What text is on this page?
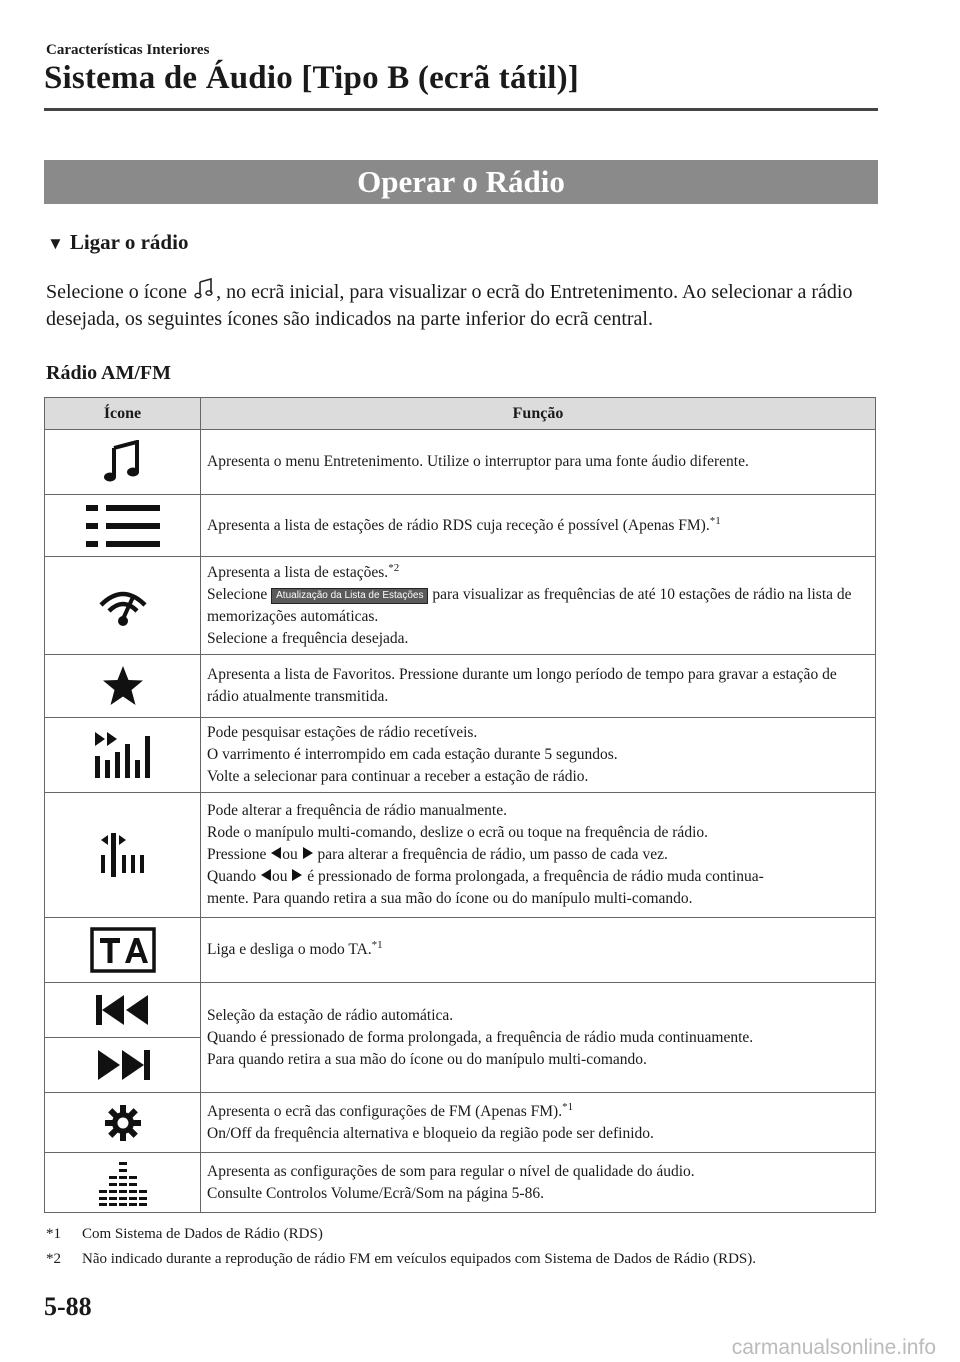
Características Interiores
Sistema de Áudio [Tipo B (ecrã tátil)]
Operar o Rádio
▼ Ligar o rádio
Selecione o ícone , no ecrã inicial, para visualizar o ecrã do Entretenimento. Ao selecionar a rádio desejada, os seguintes ícones são indicados na parte inferior do ecrã central.
Rádio AM/FM
Ícone	Função

	Apresenta o menu Entretenimento. Utilize o interruptor para uma fonte áudio diferente.

	Apresenta a lista de estações de rádio RDS cuja receção é possível (Apenas FM).$^{*1}$

Apresenta a lista de estações.$^{*2}$
Selecione Atualização da Lista de Estações para visualizar as frequências de até 10 estações de rádio na lista de memorizações automáticas.
Selecione a frequência desejada.

	Apresenta a lista de Favoritos. Pressione durante um longo período de tempo para gravar a estação de rádio atualmente transmitida.

Pode pesquisar estações de rádio recetíveis.
O varrimento é interrompido em cada estação durante 5 segundos.
Volte a selecionar para continuar a receber a estação de rádio.

Pode alterar a frequência de rádio manualmente.
Rode o manípulo multi-comando, deslize o ecrã ou toque na frequência de rádio.
Pressione ou para alterar a frequência de rádio, um passo de cada vez.
Quando ou é pressionado de forma prolongada, a frequência de rádio muda continua-
mente. Para quando retira a sua mão do ícone ou do manípulo multi-comando.

	Liga e desliga o modo TA.$^{*1}$

Seleção da estação de rádio automática.
Quando é pressionado de forma prolongada, a frequência de rádio muda continuamente.
Para quando retira a sua mão do ícone ou do manípulo multi-comando.

Apresenta o ecrã das configurações de FM (Apenas FM).$^{*1}$
On/Off da frequência alternativa e bloqueio da região pode ser definido.

Apresenta as configurações de som para regular o nível de qualidade do áudio.
Consulte Controlos Volume/Ecrã/Som na página 5-86.
*1 Com Sistema de Dados de Rádio (RDS)
*2 Não indicado durante a reprodução de rádio FM em veículos equipados com Sistema de Dados de Rádio (RDS).
5-88
carmanualsonline.info
